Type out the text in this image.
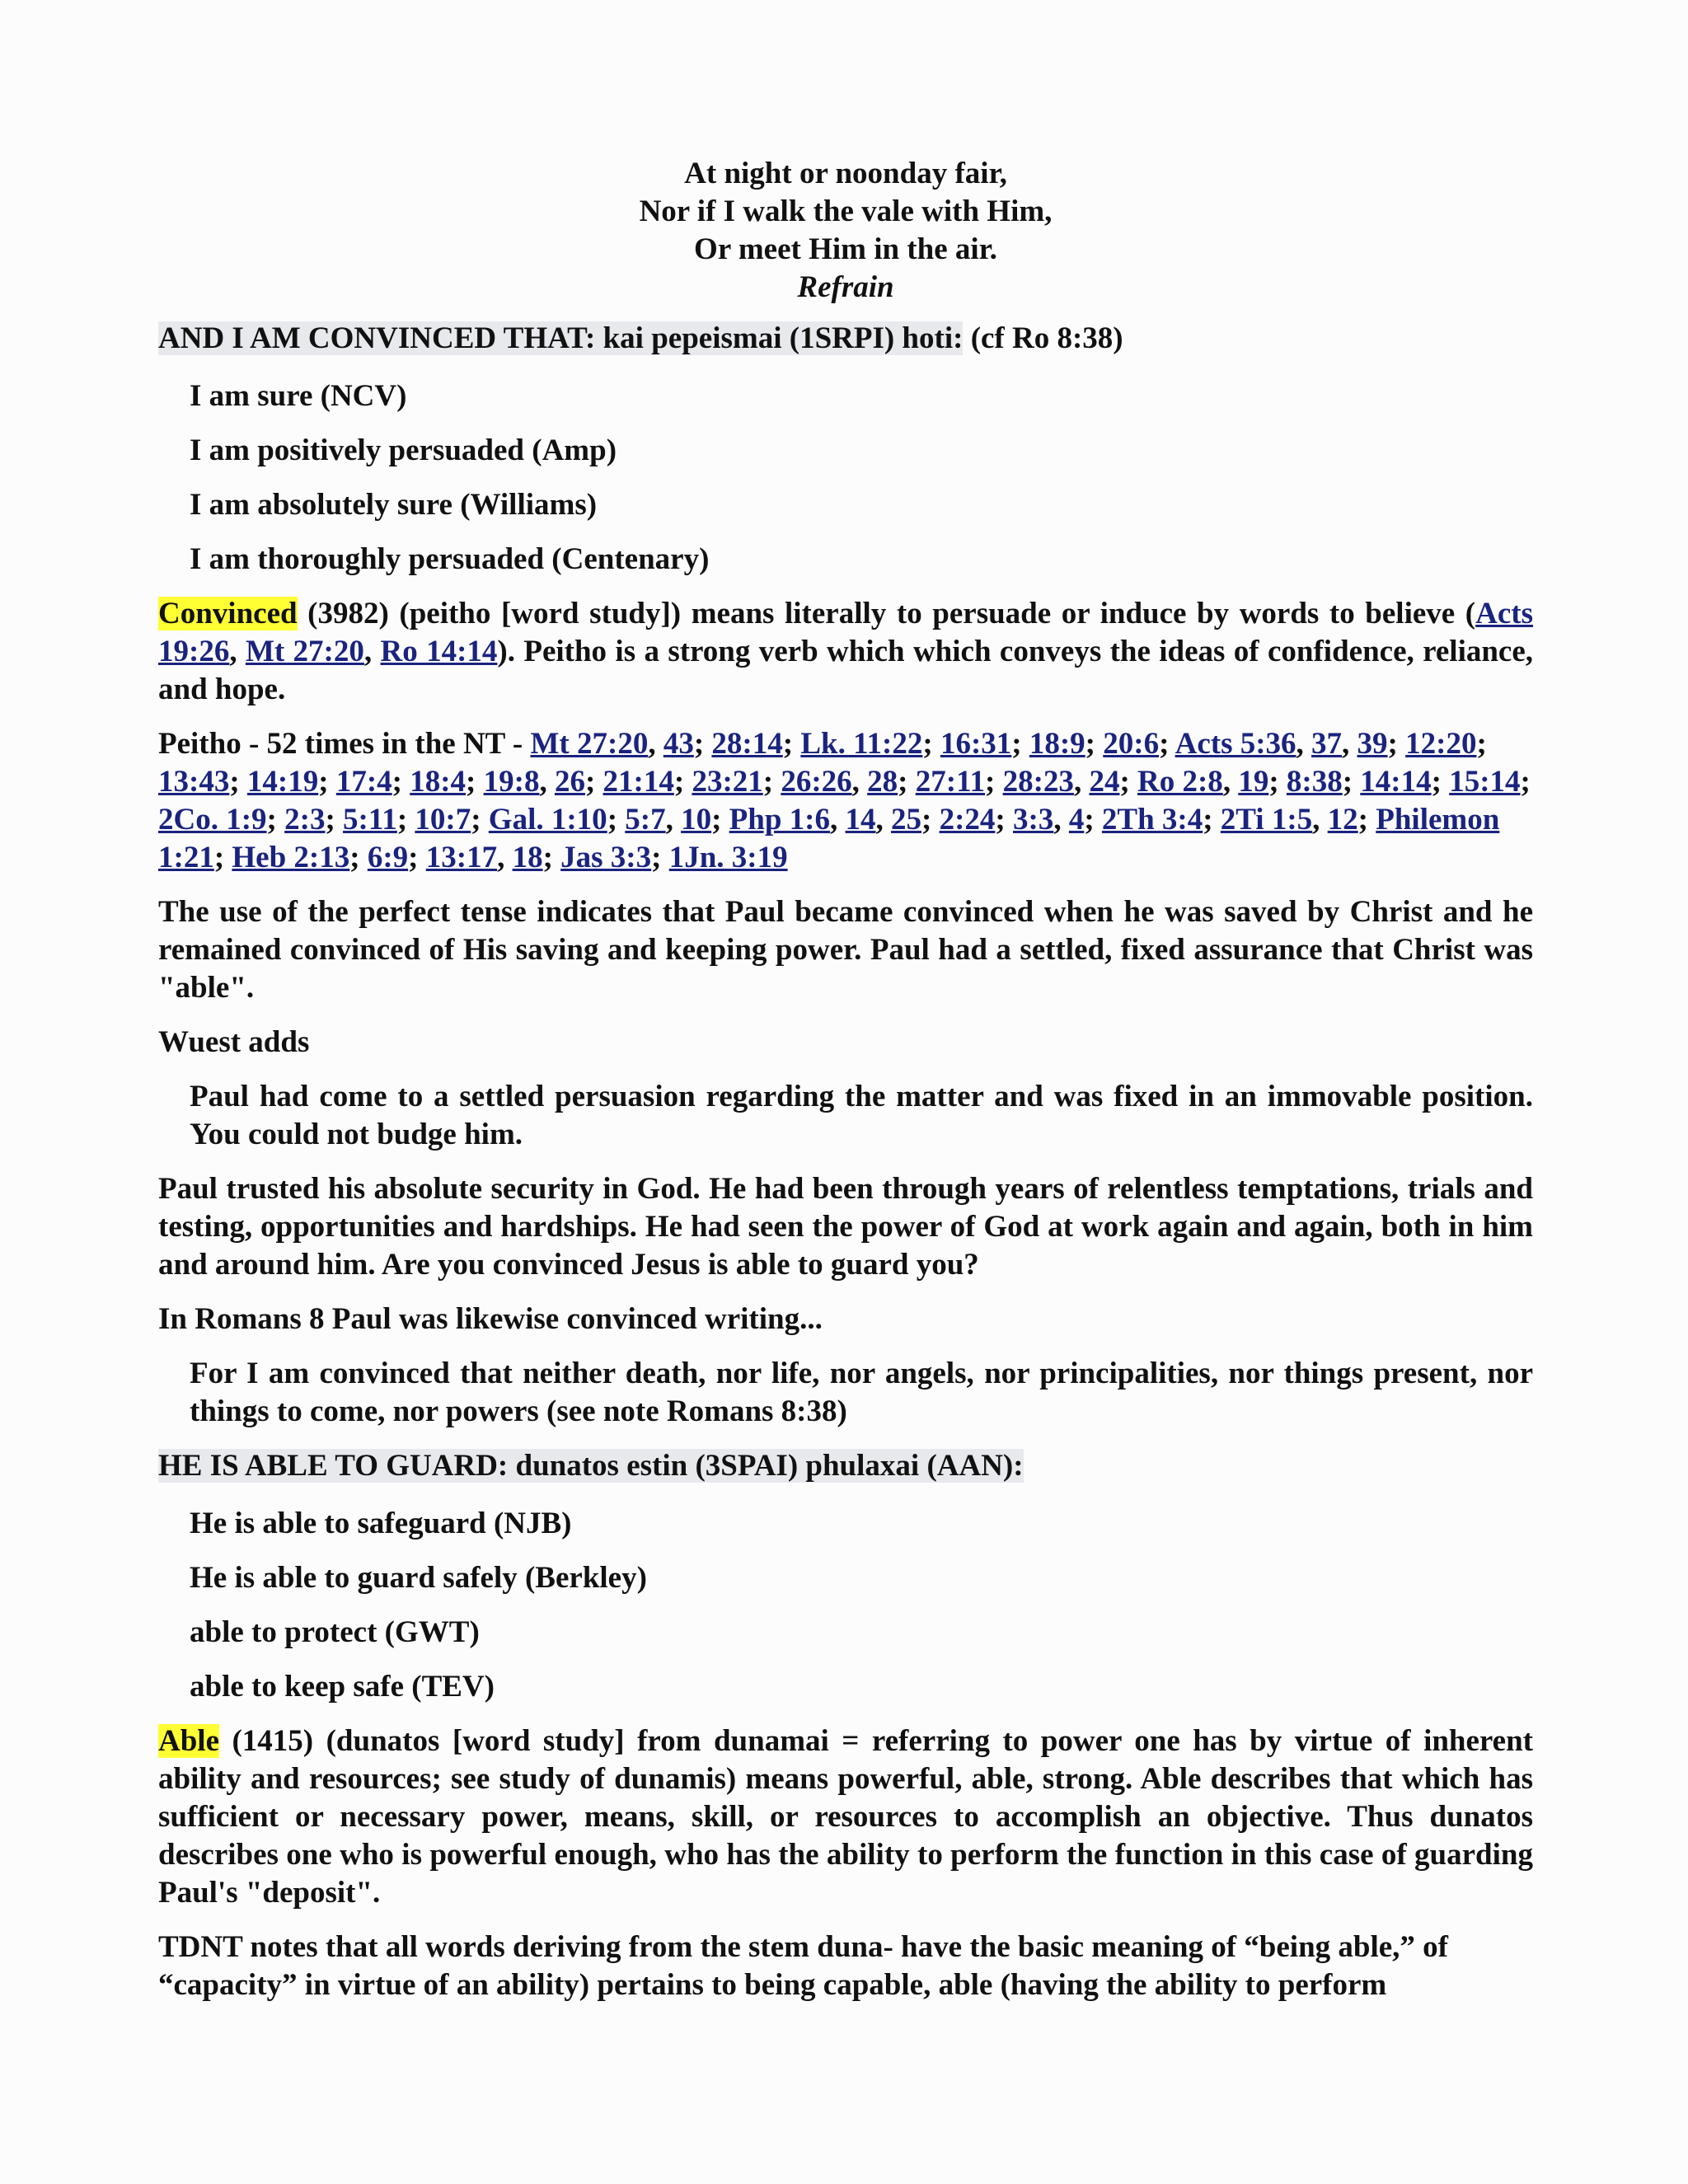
At night or noonday fair,
Nor if I walk the vale with Him,
Or meet Him in the air.
Refrain
AND I AM CONVINCED THAT: kai pepeismai (1SRPI) hoti: (cf Ro 8:38)
I am sure (NCV)
I am positively persuaded (Amp)
I am absolutely sure (Williams)
I am thoroughly persuaded (Centenary)

Convinced (3982) (peitho [word study]) means literally to persuade or induce by words to believe (Acts 19:26, Mt 27:20, Ro 14:14). Peitho is a strong verb which which conveys the ideas of confidence, reliance, and hope.

Peitho - 52 times in the NT - Mt 27:20, 43; 28:14; Lk. 11:22; 16:31; 18:9; 20:6; Acts 5:36, 37, 39; 12:20; 13:43; 14:19; 17:4; 18:4; 19:8, 26; 21:14; 23:21; 26:26, 28; 27:11; 28:23, 24; Ro 2:8, 19; 8:38; 14:14; 15:14; 2Co. 1:9; 2:3; 5:11; 10:7; Gal. 1:10; 5:7, 10; Php 1:6, 14, 25; 2:24; 3:3, 4; 2Th 3:4; 2Ti 1:5, 12; Philemon 1:21; Heb 2:13; 6:9; 13:17, 18; Jas 3:3; 1Jn. 3:19

The use of the perfect tense indicates that Paul became convinced when he was saved by Christ and he remained convinced of His saving and keeping power. Paul had a settled, fixed assurance that Christ was "able".

Wuest adds

Paul had come to a settled persuasion regarding the matter and was fixed in an immovable position. You could not budge him.

Paul trusted his absolute security in God. He had been through years of relentless temptations, trials and testing, opportunities and hardships. He had seen the power of God at work again and again, both in him and around him. Are you convinced Jesus is able to guard you?

In Romans 8 Paul was likewise convinced writing...

For I am convinced that neither death, nor life, nor angels, nor principalities, nor things present, nor things to come, nor powers (see note Romans 8:38)

HE IS ABLE TO GUARD: dunatos estin (3SPAI) phulaxai (AAN):
He is able to safeguard (NJB)
He is able to guard safely (Berkley)
able to protect (GWT)
able to keep safe (TEV)

Able (1415) (dunatos [word study] from dunamai = referring to power one has by virtue of inherent ability and resources; see study of dunamis) means powerful, able, strong. Able describes that which has sufficient or necessary power, means, skill, or resources to accomplish an objective. Thus dunatos describes one who is powerful enough, who has the ability to perform the function in this case of guarding Paul's "deposit".

TDNT notes that all words deriving from the stem duna- have the basic meaning of “being able,” of “capacity” in virtue of an ability) pertains to being capable, able (having the ability to perform
